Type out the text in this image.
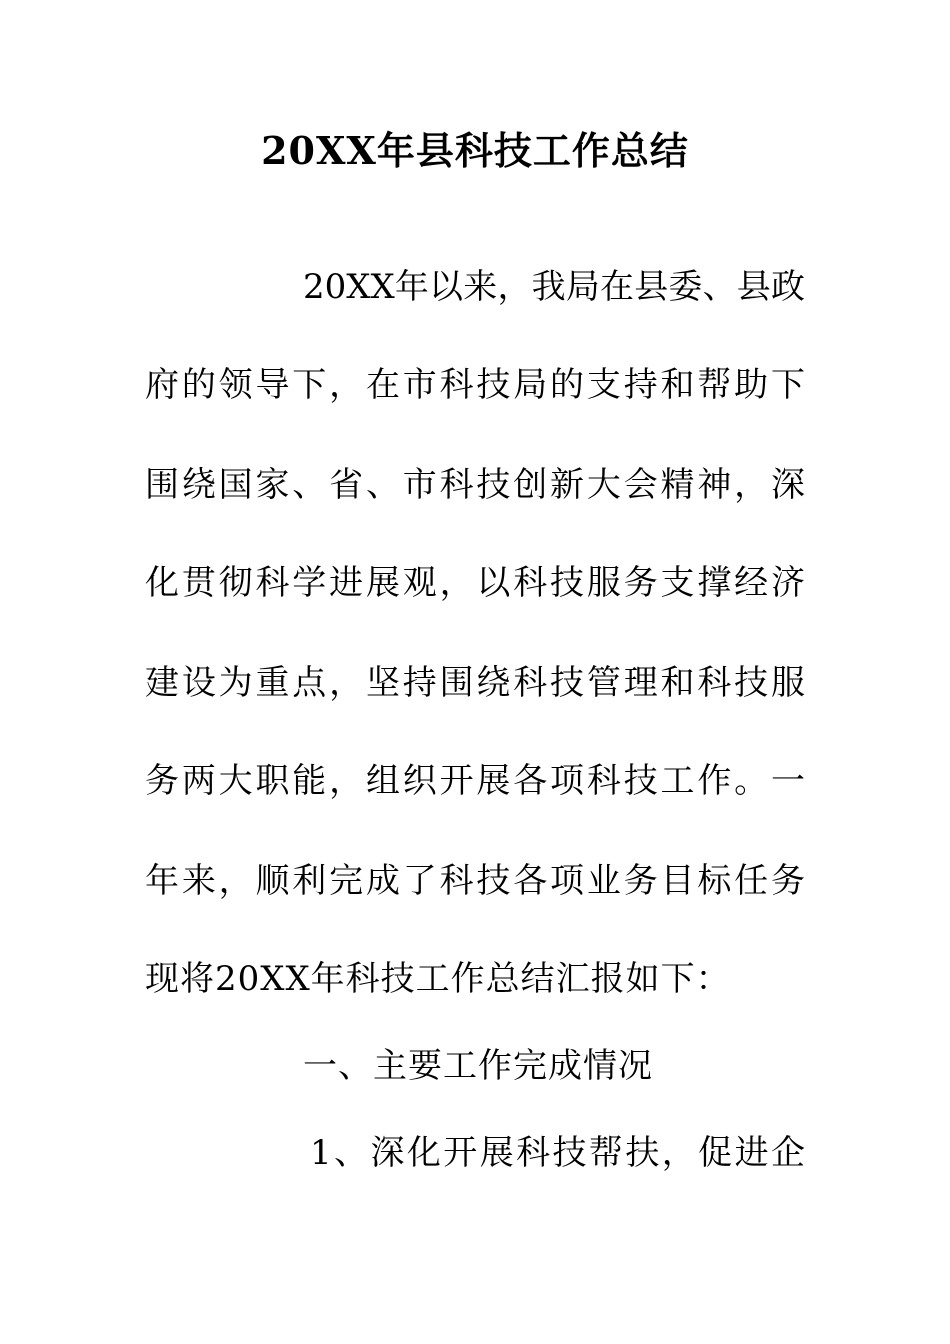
20XX年县科技工作总结
20XX年以来，我局在县委、县政
府的领导下，在市科技局的支持和帮助下
围绕国家、省、市科技创新大会精神，深
化贯彻科学进展观，以科技服务支撑经济
建设为重点，坚持围绕科技管理和科技服
务两大职能，组织开展各项科技工作。一
年来，顺利完成了科技各项业务目标任务
现将20XX年科技工作总结汇报如下：
一、主要工作完成情况
1、深化开展科技帮扶，促进企
